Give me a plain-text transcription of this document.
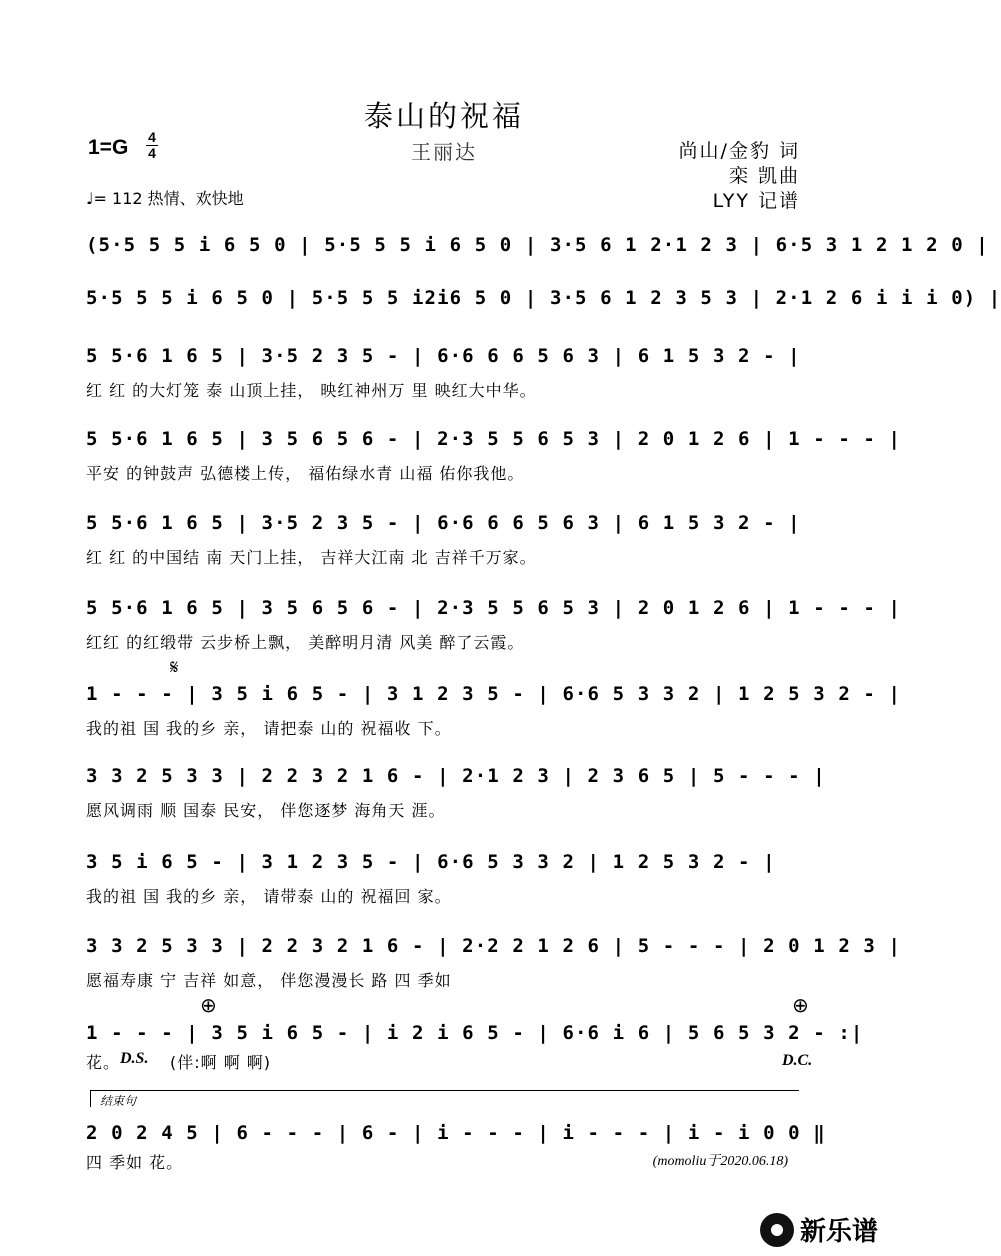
泰山的祝福
1=G 4
4	王丽达	尚山/金豹 词
栾 凯曲
LYY 记谱
♩= 112 热情、欢快地
(5·5 5 5 i 6 5 0 | 5·5 5 5 i 6 5 0 | 3·5 6 1 2·1 2 3 | 6·5 3 1 2 1 2 0 |
5·5 5 5 i 6 5 0 | 5·5 5 5 i2i6 5 0 | 3·5 6 1 2 3 5 3 | 2·1 2 6 i i i 0) |
5 5·6 1 6 5 | 3·5 2 3 5 - | 6·6 6 6 5 6 3 | 6 1 5 3 2 - |
红 红 的大灯笼 泰 山顶上挂， 映红神州万 里 映红大中华。
5 5·6 1 6 5 | 3 5 6 5 6 - | 2·3 5 5 6 5 3 | 2 0 1 2 6 | 1 - - - |
平安 的钟鼓声 弘德楼上传， 福佑绿水青 山福 佑你我他。
5 5·6 1 6 5 | 3·5 2 3 5 - | 6·6 6 6 5 6 3 | 6 1 5 3 2 - |
红 红 的中国结 南 天门上挂， 吉祥大江南 北 吉祥千万家。
5 5·6 1 6 5 | 3 5 6 5 6 - | 2·3 5 5 6 5 3 | 2 0 1 2 6 | 1 - - - |
红红 的红缎带 云步桥上飘， 美醉明月清 风美 醉了云霞。
𝄋
1 - - - | 3 5 i 6 5 - | 3 1 2 3 5 - | 6·6 5 3 3 2 | 1 2 5 3 2 - |
我的祖 国 我的乡 亲， 请把泰 山的 祝福收 下。
3 3 2 5 3 3 | 2 2 3 2 1 6 - | 2·1 2 3 | 2 3 6 5 | 5 - - - |
愿风调雨 顺 国泰 民安， 伴您逐梦 海角天 涯。
3 5 i 6 5 - | 3 1 2 3 5 - | 6·6 5 3 3 2 | 1 2 5 3 2 - |
我的祖 国 我的乡 亲， 请带泰 山的 祝福回 家。
3 3 2 5 3 3 | 2 2 3 2 1 6 - | 2·2 2 1 2 6 | 5 - - - | 2 0 1 2 3 |
愿福寿康 宁 吉祥 如意， 伴您漫漫长 路 四 季如
⊕	⊕
1 - - - | 3 5 i 6 5 - | i 2 i 6 5 - | 6·6 i 6 | 5 6 5 3 2 - :|
花。 D.S. (伴:啊 啊 啊)	D.C.
结束句
2 0 2 4 5 | 6 - - - | 6 - | i - - - | i - - - | i - i 0 0 ‖
四 季如 花。	(momoliu于2020.06.18)
新乐谱
